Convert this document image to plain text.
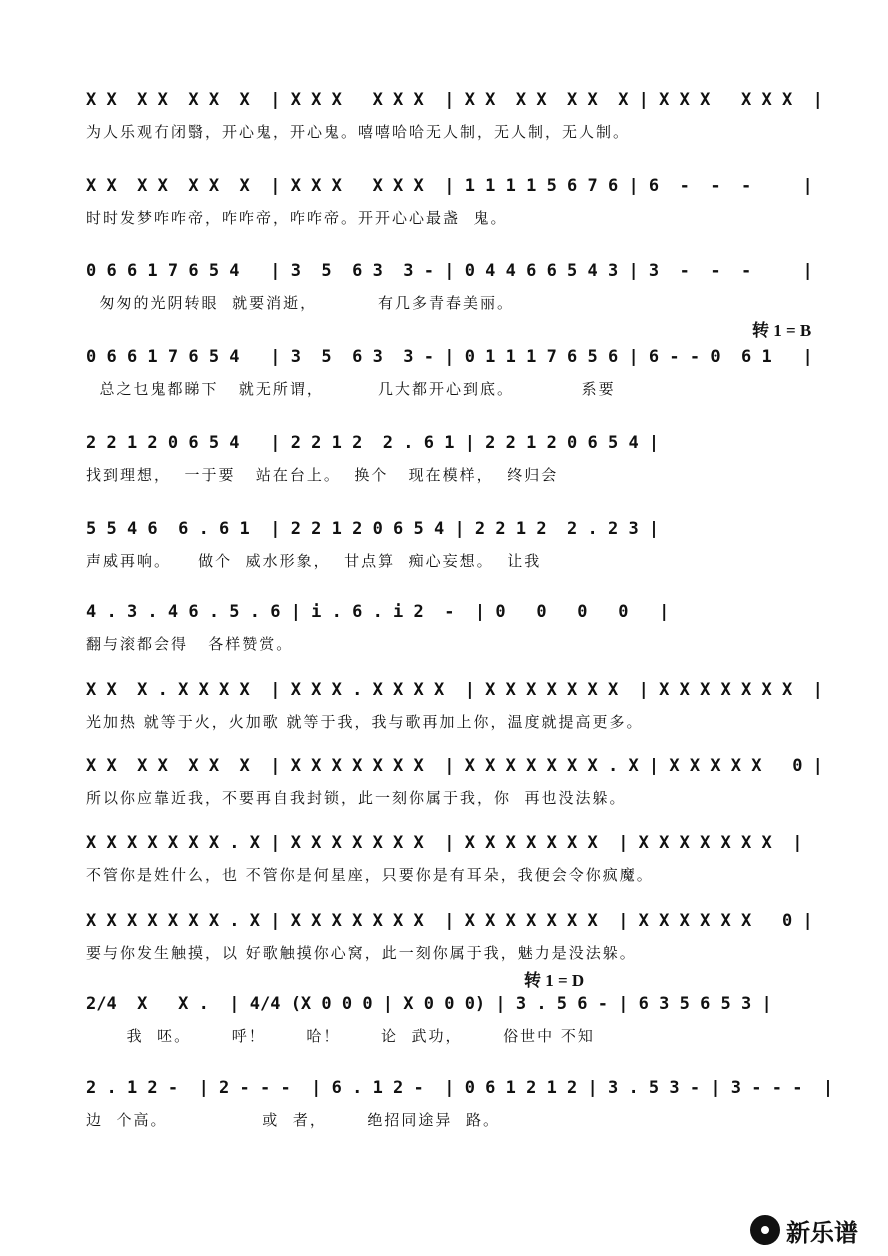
X X  X X  X X  X  | X X X   X X X  | X X  X X  X X  X | X X X   X X X  |
为人乐观冇闭翳，开心鬼，开心鬼。嘻嘻哈哈无人制，无人制，无人制。
X X  X X  X X  X  | X X X   X X X  | 1 1 1 1 5 6 7 6 | 6  -  -  -     |
时时发梦咋咋帝，咋咋帝，咋咋帝。开开心心最盏  鬼。
0 6 6 1 7 6 5 4   | 3  5  6 3  3 - | 0 4 4 6 6 5 4 3 | 3  -  -  -     |
匆匆的光阴转眼  就要消逝，         有几多青春美丽。
转 1 = B
0 6 6 1 7 6 5 4   | 3  5  6 3  3 - | 0 1 1 1 7 6 5 6 | 6 - - 0  6 1   |
总之乜鬼都睇下   就无所谓，        几大都开心到底。          系要
2 2 1 2 0 6 5 4   | 2 2 1 2  2 . 6 1 | 2 2 1 2 0 6 5 4 |
找到理想，  一于要   站在台上。  换个   现在模样，  终归会
5 5 4 6  6 . 6 1  | 2 2 1 2 0 6 5 4 | 2 2 1 2  2 . 2 3 |
声威再响。    做个  威水形象，  甘点算  痴心妄想。  让我
4 . 3 . 4 6 . 5 . 6 | i . 6 . i 2  -  | 0   0   0   0   |
翻与滚都会得   各样赞赏。
X X  X . X X X X  | X X X . X X X X  | X X X X X X X  | X X X X X X X  |
光加热 就等于火，火加歌 就等于我，我与歌再加上你，温度就提高更多。
X X  X X  X X  X  | X X X X X X X  | X X X X X X X . X | X X X X X   0 |
所以你应靠近我，不要再自我封锁，此一刻你属于我，你  再也没法躲。
X X X X X X X . X | X X X X X X X  | X X X X X X X  | X X X X X X X  |
不管你是姓什么，也 不管你是何星座，只要你是有耳朵，我便会令你疯魔。
X X X X X X X . X | X X X X X X X  | X X X X X X X  | X X X X X X   0 |
要与你发生触摸，以 好歌触摸你心窝，此一刻你属于我，魅力是没法躲。
转 1 = D
2/4  X   X .  | 4/4 (X 0 0 0 | X 0 0 0) | 3 . 5 6 - | 6 3 5 6 5 3 |
我  呸。      呼！      哈！      论  武功，      俗世中 不知
2 . 1 2 -  | 2 - - -  | 6 . 1 2 -  | 0 6 1 2 1 2 | 3 . 5 3 - | 3 - - -  |
边  个高。              或  者，      绝招同途异  路。
新乐谱
